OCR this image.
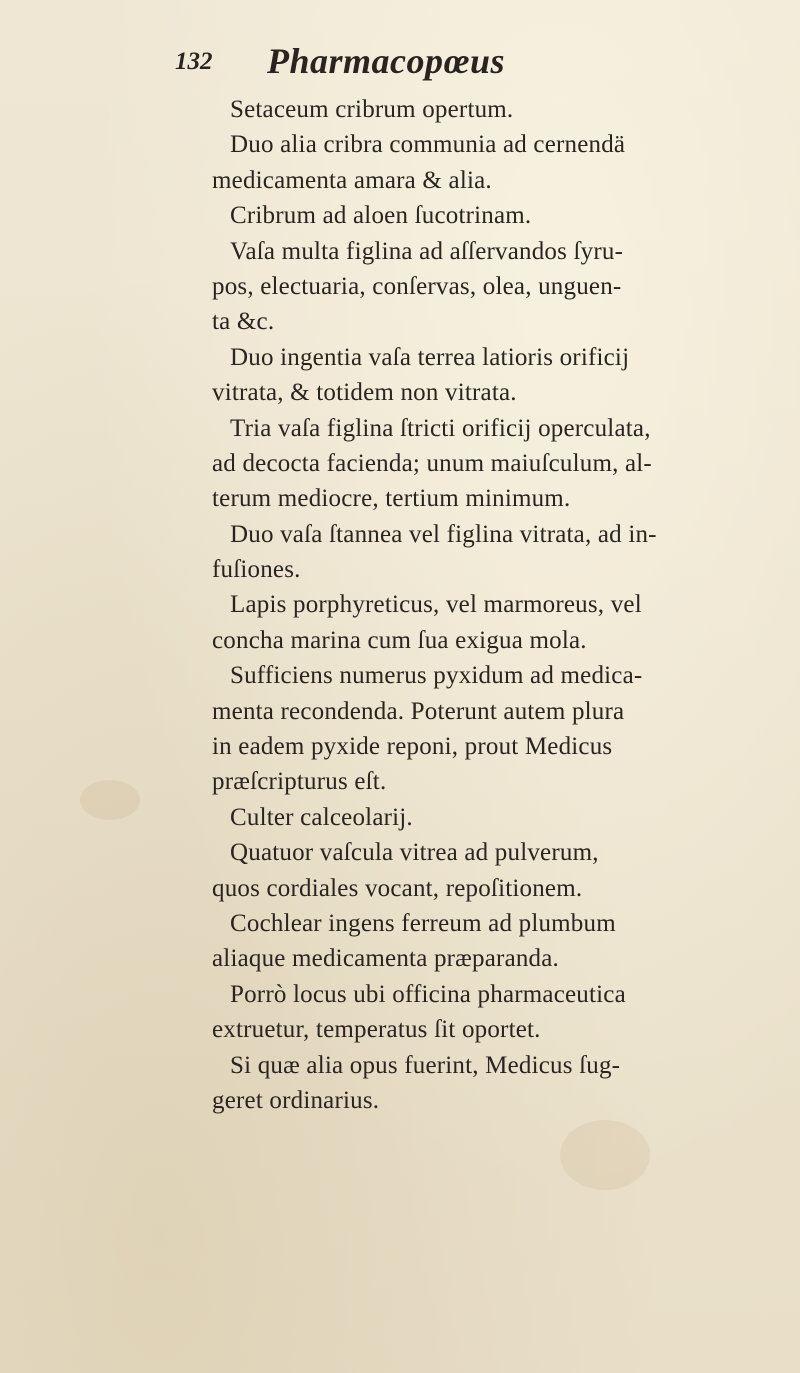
132 Pharmacopœus
Setaceum cribrum opertum.
Duo alia cribra communia ad cernendä
medicamenta amara & alia.
Cribrum ad aloen ſucotrinam.
Vaſa multa figlina ad aſſervandos ſyru-
pos, electuaria, conſervas, olea, unguen-
ta &c.
Duo ingentia vaſa terrea latioris orificij
vitrata, & totidem non vitrata.
Tria vaſa figlina ſtricti orificij operculata,
ad decocta facienda; unum maiuſculum, al-
terum mediocre, tertium minimum.
Duo vaſa ſtannea vel figlina vitrata, ad in-
fuſiones.
Lapis porphyreticus, vel marmoreus, vel
concha marina cum ſua exigua mola.
Sufficiens numerus pyxidum ad medica-
menta recondenda. Poterunt autem plura
in eadem pyxide reponi, prout Medicus
præſcripturus eſt.
Culter calceolarij.
Quatuor vaſcula vitrea ad pulverum,
quos cordiales vocant, repoſitionem.
Cochlear ingens ferreum ad plumbum
aliaque medicamenta præparanda.
Porrò locus ubi officina pharmaceutica
extruetur, temperatus ſit oportet.
Si quæ alia opus fuerint, Medicus ſug-
geret ordinarius.
